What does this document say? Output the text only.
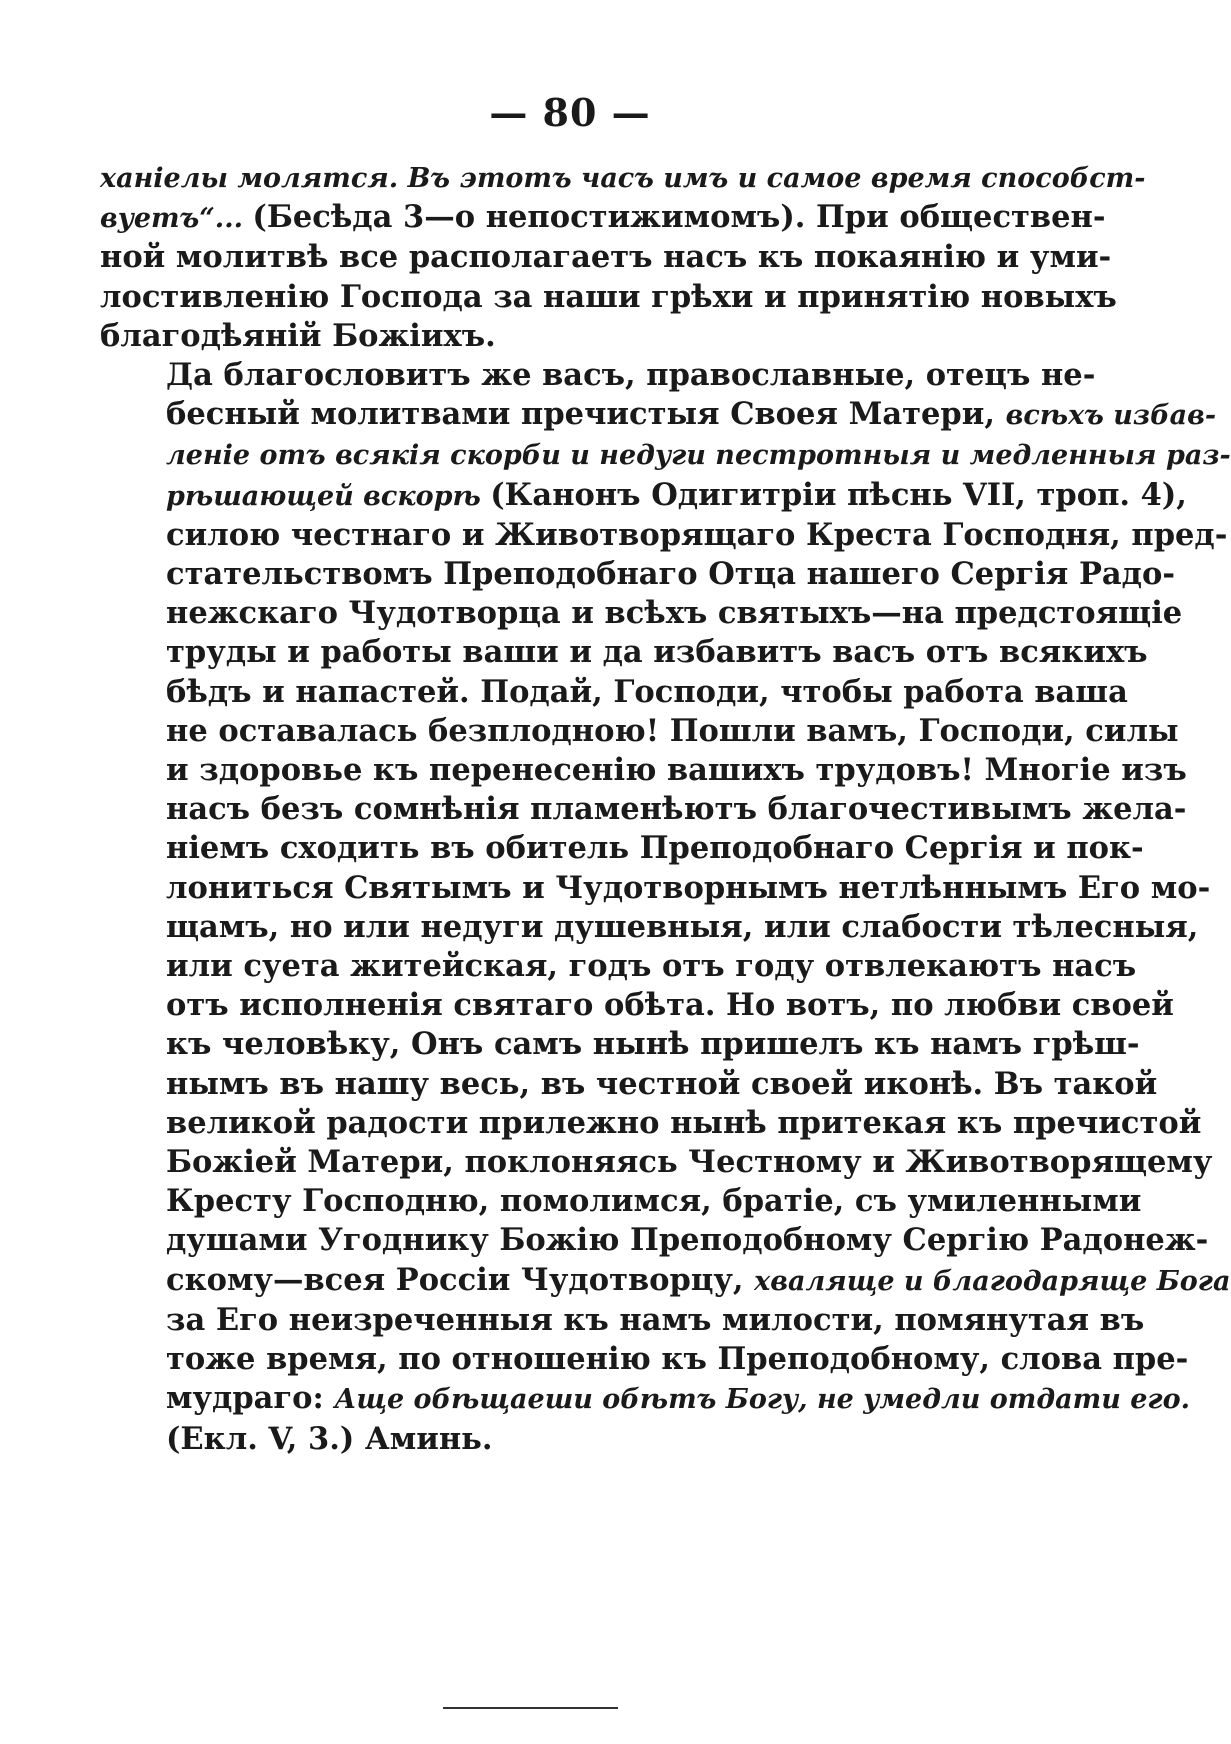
— 80 —

ханiелы молятся. Въ этотъ часъ имъ и самое время способст-
вуетъ“... (Бесѣда 3—о непостижимомъ). При обществен-
ной молитвѣ все располагаетъ насъ къ покаянiю и уми-
лостивленiю Господа за наши грѣхи и принятiю новыхъ
благодѣянiй Божiихъ.

Да благословитъ же васъ, православные, отецъ не-
бесный молитвами пречистыя Своея Матери, всѣхъ избав-
ленiе отъ всякiя скорби и недуги пестротныя и медленныя раз-
рѣшающей вскорѣ (Канонъ Одигитрiи пѣснь VII, троп. 4),
силою честнаго и Животворящаго Креста Господня, пред-
стательствомъ Преподобнаго Отца нашего Сергiя Радо-
нежскаго Чудотворца и всѣхъ святыхъ—на предстоящiе
труды и работы ваши и да избавитъ васъ отъ всякихъ
бѣдъ и напастей. Подай, Господи, чтобы работа ваша
не оставалась безплодною! Пошли вамъ, Господи, силы
и здоровье къ перенесенiю вашихъ трудовъ! Многiе изъ
насъ безъ сомнѣнiя пламенѣютъ благочестивымъ жела-
нiемъ сходить въ обитель Преподобнаго Сергiя и пок-
лониться Святымъ и Чудотворнымъ нетлѣннымъ Его мо-
щамъ, но или недуги душевныя, или слабости тѣлесныя,
или суета житейская, годъ отъ году отвлекаютъ насъ
отъ исполненiя святаго обѣта. Но вотъ, по любви своей
къ человѣку, Онъ самъ нынѣ пришелъ къ намъ грѣш-
нымъ въ нашу весь, въ честной своей иконѣ. Въ такой
великой радости прилежно нынѣ притекая къ пречистой
Божiей Матери, поклоняясь Честному и Животворящему
Кресту Господню, помолимся, братiе, съ умиленными
душами Угоднику Божiю Преподобному Сергiю Радонеж-
скому—всея Россiи Чудотворцу, хваляще и благодаряще Бога
за Его неизреченныя къ намъ милости, помянутая въ
тоже время, по отношенiю къ Преподобному, слова пре-
мудраго: Аще обѣщаеши обѣтъ Богу, не умедли отдати его.
(Екл. V, 3.) Аминь.
